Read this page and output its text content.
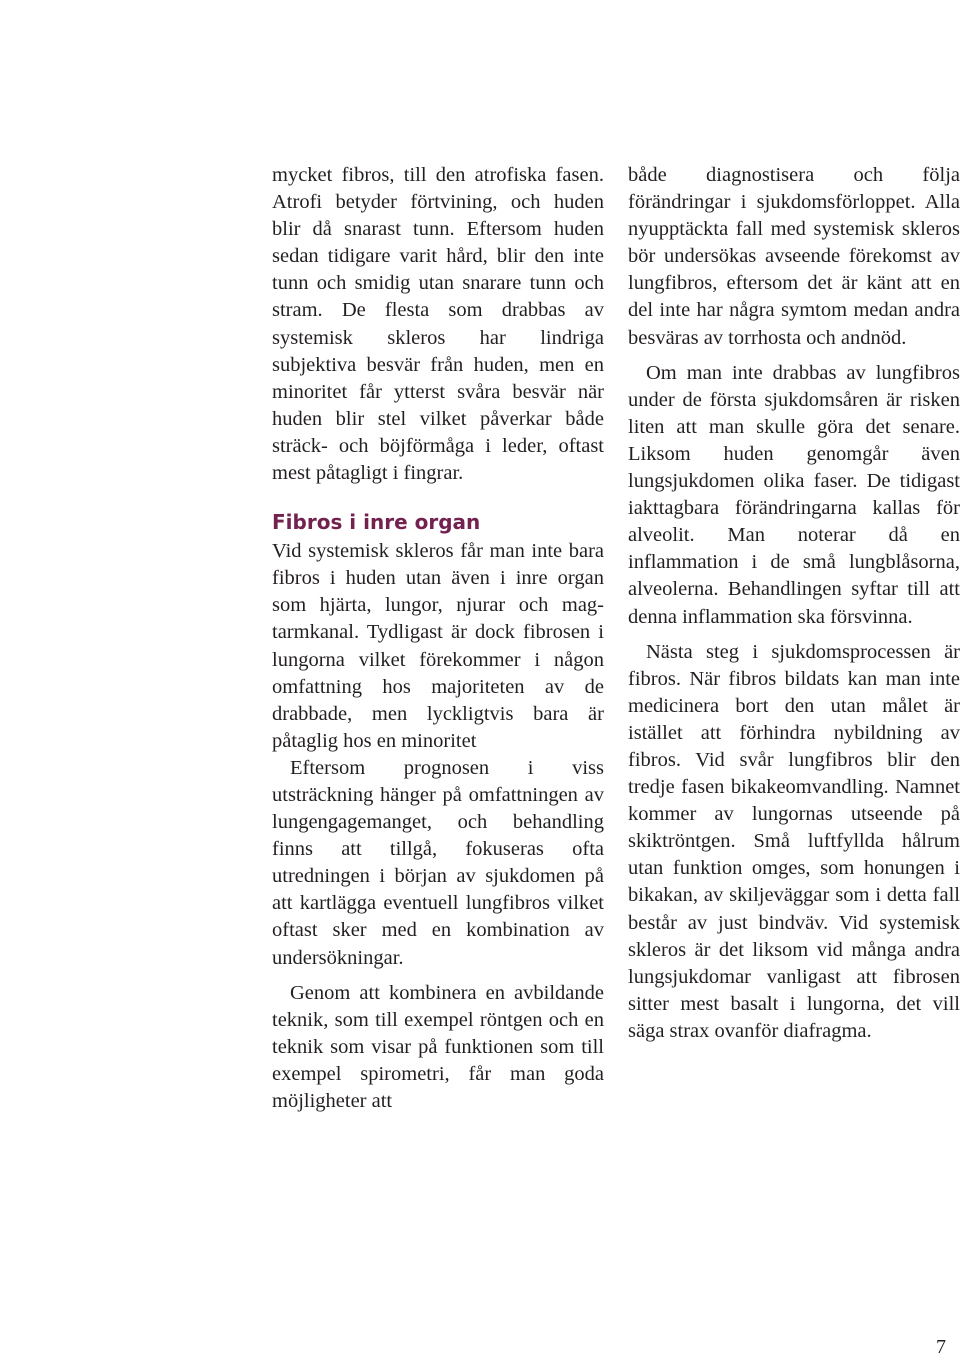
mycket fibros, till den atrofiska fasen. Atrofi betyder förtvining, och huden blir då snarast tunn. Eftersom huden sedan tidigare varit hård, blir den inte tunn och smidig utan snarare tunn och stram. De flesta som drabbas av systemisk skleros har lindriga subjektiva besvär från huden, men en minoritet får ytterst svåra besvär när huden blir stel vilket påverkar både sträck- och böjförmåga i leder, oftast mest påtagligt i fingrar.

Fibros i inre organ

Vid systemisk skleros får man inte bara fibros i huden utan även i inre organ som hjärta, lungor, njurar och mag-tarmkanal. Tydligast är dock fibrosen i lungorna vilket förekommer i någon omfattning hos majoriteten av de drabbade, men lyckligtvis bara är påtaglig hos en minoritet

Eftersom prognosen i viss utsträckning hänger på omfattningen av lungengagemanget, och behandling finns att tillgå, fokuseras ofta utredningen i början av sjukdomen på att kartlägga eventuell lungfibros vilket oftast sker med en kombination av undersökningar.

Genom att kombinera en avbildande teknik, som till exempel röntgen och en teknik som visar på funktionen som till exempel spirometri, får man goda möjligheter att

både diagnostisera och följa förändringar i sjukdomsförloppet. Alla nyupptäckta fall med systemisk skleros bör undersökas avseende förekomst av lungfibros, eftersom det är känt att en del inte har några symtom medan andra besväras av torrhosta och andnöd.

Om man inte drabbas av lungfibros under de första sjukdomsåren är risken liten att man skulle göra det senare. Liksom huden genomgår även lungsjukdomen olika faser. De tidigast iakttagbara förändringarna kallas för alveolit. Man noterar då en inflammation i de små lungblåsorna, alveolerna. Behandlingen syftar till att denna inflammation ska försvinna.

Nästa steg i sjukdomsprocessen är fibros. När fibros bildats kan man inte medicinera bort den utan målet är istället att förhindra nybildning av fibros. Vid svår lungfibros blir den tredje fasen bikakeomvandling. Namnet kommer av lungornas utseende på skiktröntgen. Små luftfyllda hålrum utan funktion omges, som honungen i bikakan, av skiljeväggar som i detta fall består av just bindväv. Vid systemisk skleros är det liksom vid många andra lungsjukdomar vanligast att fibrosen sitter mest basalt i lungorna, det vill säga strax ovanför diafragma.

7
